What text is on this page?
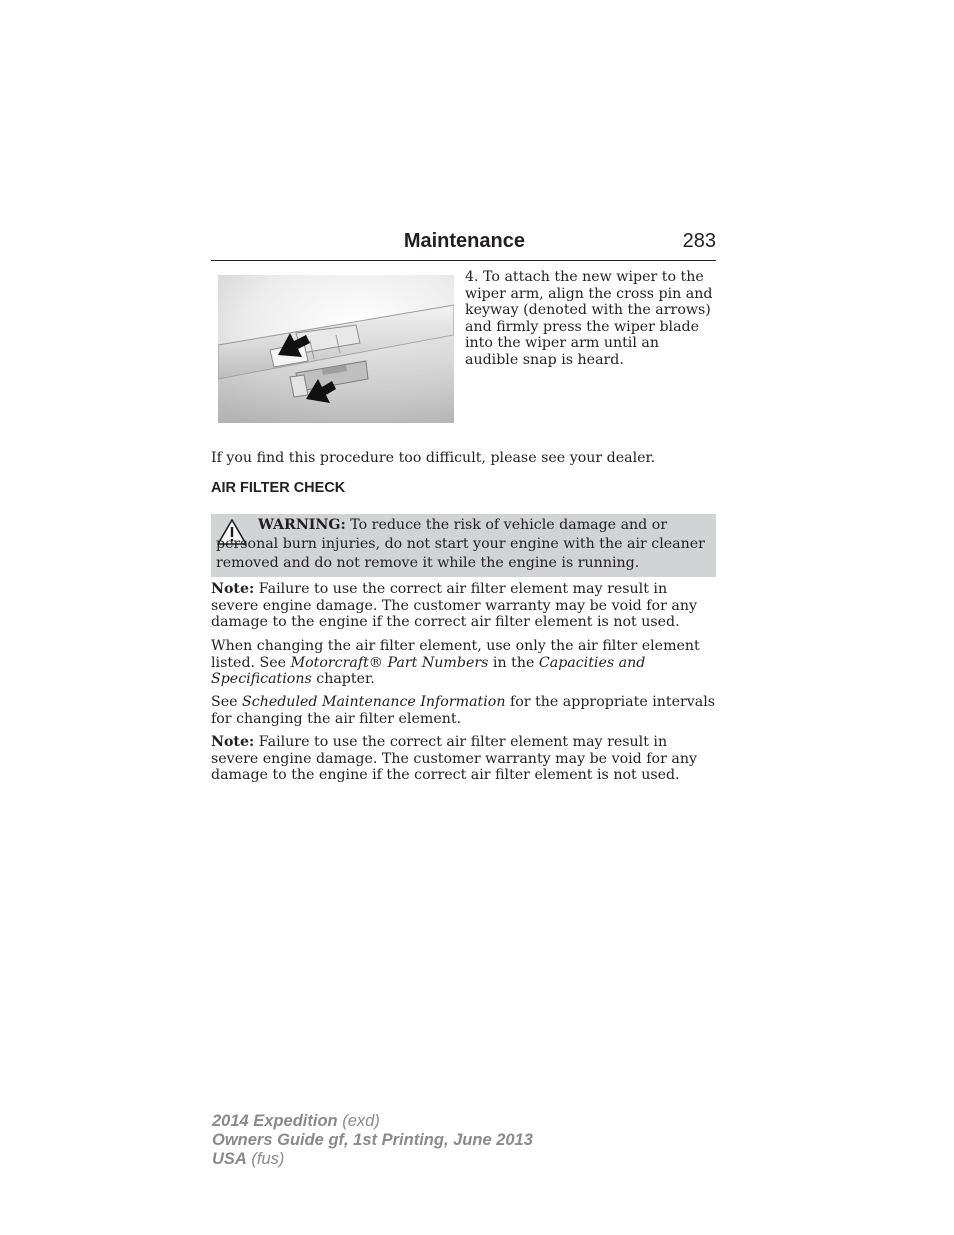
Maintenance	283

4. To attach the new wiper to the wiper arm, align the cross pin and keyway (denoted with the arrows) and firmly press the wiper blade into the wiper arm until an audible snap is heard.

If you find this procedure too difficult, please see your dealer.

AIR FILTER CHECK

WARNING: To reduce the risk of vehicle damage and or personal burn injuries, do not start your engine with the air cleaner removed and do not remove it while the engine is running.

Note: Failure to use the correct air filter element may result in severe engine damage. The customer warranty may be void for any damage to the engine if the correct air filter element is not used.

When changing the air filter element, use only the air filter element listed. See Motorcraft® Part Numbers in the Capacities and Specifications chapter.

See Scheduled Maintenance Information for the appropriate intervals for changing the air filter element.

Note: Failure to use the correct air filter element may result in severe engine damage. The customer warranty may be void for any damage to the engine if the correct air filter element is not used.

2014 Expedition (exd)
Owners Guide gf, 1st Printing, June 2013
USA (fus)
